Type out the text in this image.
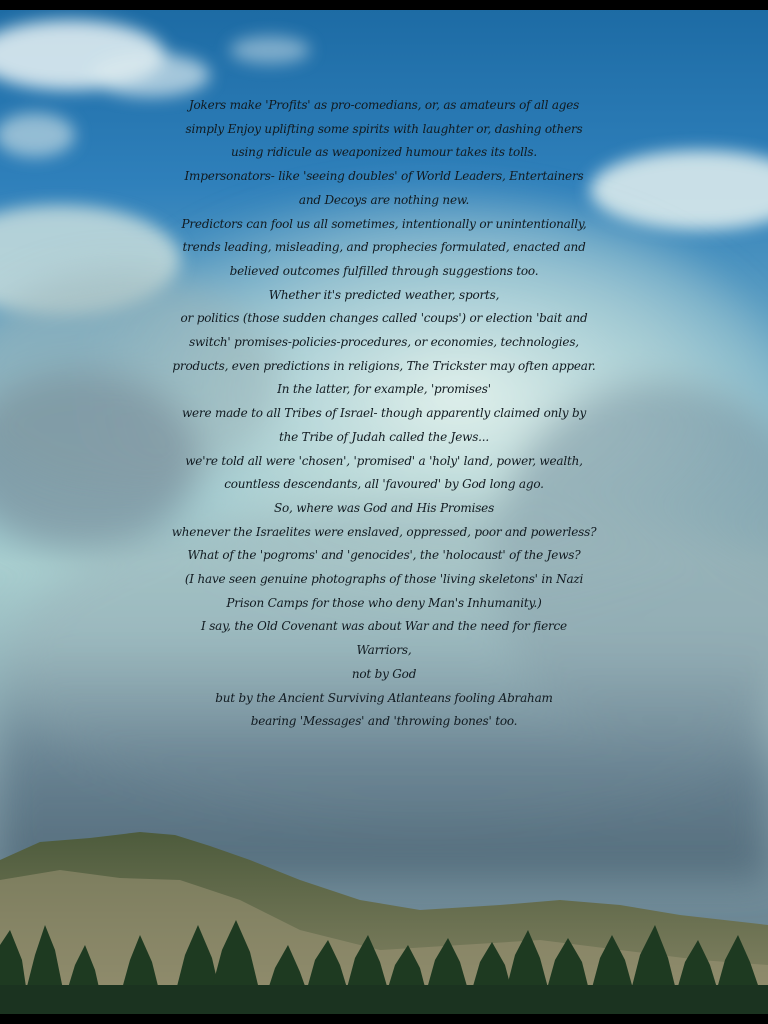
Jokers make 'Profits' as pro-comedians, or, as amateurs of all ages
simply Enjoy uplifting some spirits with laughter or, dashing others
using ridicule as weaponized humour takes its tolls.
Impersonators- like 'seeing doubles' of World Leaders, Entertainers
and Decoys are nothing new.
Predictors can fool us all sometimes, intentionally or unintentionally,
trends leading, misleading, and prophecies formulated, enacted and
believed outcomes fulfilled through suggestions too.
Whether it's predicted weather, sports,
or politics (those sudden changes called 'coups') or election 'bait and
switch' promises-policies-procedures, or economies, technologies,
products, even predictions in religions, The Trickster may often appear.
In the latter, for example, 'promises'
were made to all Tribes of Israel- though apparently claimed only by
the Tribe of Judah called the Jews...
we're told all were 'chosen', 'promised' a 'holy' land, power, wealth,
countless descendants, all 'favoured' by God long ago.
So, where was God and His Promises
whenever the Israelites were enslaved, oppressed, poor and powerless?
What of the 'pogroms' and 'genocides', the 'holocaust' of the Jews?
(I have seen genuine photographs of those 'living skeletons' in Nazi
Prison Camps for those who deny Man's Inhumanity.)
I say, the Old Covenant was about War and the need for fierce
Warriors,
not by God
but by the Ancient Surviving Atlanteans fooling Abraham
bearing 'Messages' and 'throwing bones' too.
